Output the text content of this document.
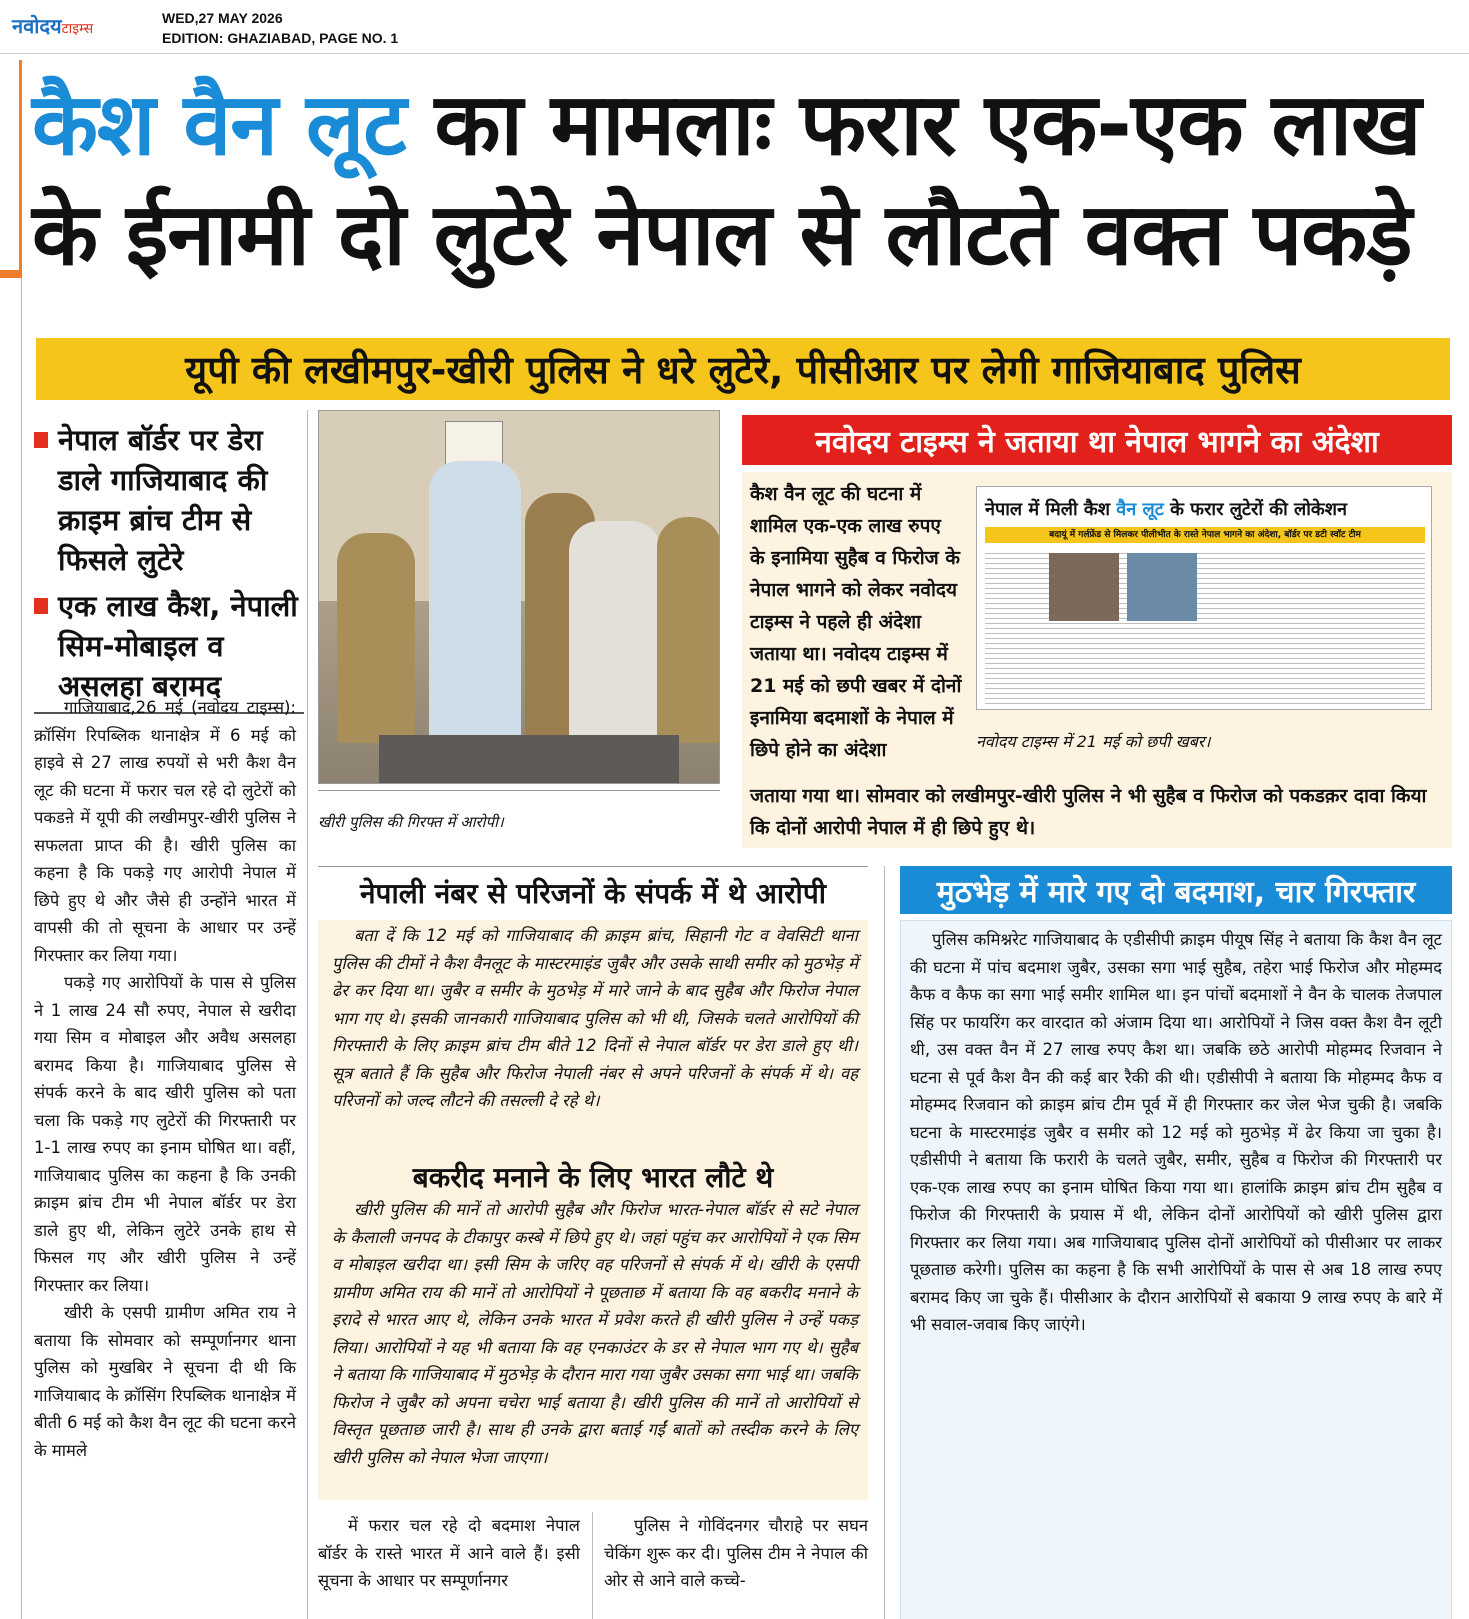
नवोदयटाइम्स
WED,27 MAY 2026
EDITION: GHAZIABAD, PAGE NO. 1
कैश वैन लूट का मामलाः फरार एक-एक लाख
के ईनामी दो लुटेरे नेपाल से लौटते वक्त पकड़े
यूपी की लखीमपुर-खीरी पुलिस ने धरे लुटेरे, पीसीआर पर लेगी गाजियाबाद पुलिस
नेपाल बॉर्डर पर डेरा डाले गाजियाबाद की क्राइम ब्रांच टीम से फिसले लुटेरे
एक लाख कैश, नेपाली सिम-मोबाइल व असलहा बरामद

गाजियाबाद,26 मई (नवोदय टाइम्स): क्रॉसिंग रिपब्लिक थानाक्षेत्र में 6 मई को हाइवे से 27 लाख रुपयों से भरी कैश वैन लूट की घटना में फरार चल रहे दो लुटेरों को पकडऩे में यूपी की लखीमपुर-खीरी पुलिस ने सफलता प्राप्त की है। खीरी पुलिस का कहना है कि पकड़े गए आरोपी नेपाल में छिपे हुए थे और जैसे ही उन्होंने भारत में वापसी की तो सूचना के आधार पर उन्हें गिरफ्तार कर लिया गया।

पकड़े गए आरोपियों के पास से पुलिस ने 1 लाख 24 सौ रुपए, नेपाल से खरीदा गया सिम व मोबाइल और अवैध असलहा बरामद किया है। गाजियाबाद पुलिस से संपर्क करने के बाद खीरी पुलिस को पता चला कि पकड़े गए लुटेरों की गिरफ्तारी पर 1-1 लाख रुपए का इनाम घोषित था। वहीं, गाजियाबाद पुलिस का कहना है कि उनकी क्राइम ब्रांच टीम भी नेपाल बॉर्डर पर डेरा डाले हुए थी, लेकिन लुटेरे उनके हाथ से फिसल गए और खीरी पुलिस ने उन्हें गिरफ्तार कर लिया।

खीरी के एसपी ग्रामीण अमित राय ने बताया कि सोमवार को सम्पूर्णानगर थाना पुलिस को मुखबिर ने सूचना दी थी कि गाजियाबाद के क्रॉसिंग रिपब्लिक थानाक्षेत्र में बीती 6 मई को कैश वैन लूट की घटना करने के मामले

खीरी पुलिस की गिरफ्त में आरोपी।
नवोदय टाइम्स ने जताया था नेपाल भागने का अंदेशा
कैश वैन लूट की घटना में शामिल एक-एक लाख रुपए के इनामिया सुहैब व फिरोज के नेपाल भागने को लेकर नवोदय टाइम्स ने पहले ही अंदेशा जताया था। नवोदय टाइम्स में 21 मई को छपी खबर में दोनों इनामिया बदमाशों के नेपाल में छिपे होने का अंदेशा
नेपाल में मिली कैश वैन लूट के फरार लुटेरों की लोकेशन
बदायूं में गर्लफ्रेंड से मिलकर पीलीभीत के रास्ते नेपाल भागने का अंदेशा, बॉर्डर पर डटी स्वॉट टीम
नवोदय टाइम्स में 21 मई को छपी खबर।
जताया गया था। सोमवार को लखीमपुर-खीरी पुलिस ने भी सुहैब व फिरोज को पकडक़र दावा किया कि दोनों आरोपी नेपाल में ही छिपे हुए थे।
नेपाली नंबर से परिजनों के संपर्क में थे आरोपी

बता दें कि 12 मई को गाजियाबाद की क्राइम ब्रांच, सिहानी गेट व वेवसिटी थाना पुलिस की टीमों ने कैश वैनलूट के मास्टरमाइंड जुबैर और उसके साथी समीर को मुठभेड़ में ढेर कर दिया था। जुबैर व समीर के मुठभेड़ में मारे जाने के बाद सुहैब और फिरोज नेपाल भाग गए थे। इसकी जानकारी गाजियाबाद पुलिस को भी थी, जिसके चलते आरोपियों की गिरफ्तारी के लिए क्राइम ब्रांच टीम बीते 12 दिनों से नेपाल बॉर्डर पर डेरा डाले हुए थी। सूत्र बताते हैं कि सुहैब और फिरोज नेपाली नंबर से अपने परिजनों के संपर्क में थे। वह परिजनों को जल्द लौटने की तसल्ली दे रहे थे।

बकरीद मनाने के लिए भारत लौटे थे

खीरी पुलिस की मानें तो आरोपी सुहैब और फिरोज भारत-नेपाल बॉर्डर से सटे नेपाल के कैलाली जनपद के टीकापुर कस्बे में छिपे हुए थे। जहां पहुंच कर आरोपियों ने एक सिम व मोबाइल खरीदा था। इसी सिम के जरिए वह परिजनों से संपर्क में थे। खीरी के एसपी ग्रामीण अमित राय की मानें तो आरोपियों ने पूछताछ में बताया कि वह बकरीद मनाने के इरादे से भारत आए थे, लेकिन उनके भारत में प्रवेश करते ही खीरी पुलिस ने उन्हें पकड़ लिया। आरोपियों ने यह भी बताया कि वह एनकाउंटर के डर से नेपाल भाग गए थे। सुहैब ने बताया कि गाजियाबाद में मुठभेड़ के दौरान मारा गया जुबैर उसका सगा भाई था। जबकि फिरोज ने जुबैर को अपना चचेरा भाई बताया है। खीरी पुलिस की मानें तो आरोपियों से विस्तृत पूछताछ जारी है। साथ ही उनके द्वारा बताई गईं बातों को तस्दीक करने के लिए खीरी पुलिस को नेपाल भेजा जाएगा।

मुठभेड़ में मारे गए दो बदमाश, चार गिरफ्तार

पुलिस कमिश्नरेट गाजियाबाद के एडीसीपी क्राइम पीयूष सिंह ने बताया कि कैश वैन लूट की घटना में पांच बदमाश जुबैर, उसका सगा भाई सुहैब, तहेरा भाई फिरोज और मोहम्मद कैफ व कैफ का सगा भाई समीर शामिल था। इन पांचों बदमाशों ने वैन के चालक तेजपाल सिंह पर फायरिंग कर वारदात को अंजाम दिया था। आरोपियों ने जिस वक्त कैश वैन लूटी थी, उस वक्त वैन में 27 लाख रुपए कैश था। जबकि छठे आरोपी मोहम्मद रिजवान ने घटना से पूर्व कैश वैन की कई बार रैकी की थी। एडीसीपी ने बताया कि मोहम्मद कैफ व मोहम्मद रिजवान को क्राइम ब्रांच टीम पूर्व में ही गिरफ्तार कर जेल भेज चुकी है। जबकि घटना के मास्टरमाइंड जुबैर व समीर को 12 मई को मुठभेड़ में ढेर किया जा चुका है। एडीसीपी ने बताया कि फरारी के चलते जुबैर, समीर, सुहैब व फिरोज की गिरफ्तारी पर एक-एक लाख रुपए का इनाम घोषित किया गया था। हालांकि क्राइम ब्रांच टीम सुहैब व फिरोज की गिरफ्तारी के प्रयास में थी, लेकिन दोनों आरोपियों को खीरी पुलिस द्वारा गिरफ्तार कर लिया गया। अब गाजियाबाद पुलिस दोनों आरोपियों को पीसीआर पर लाकर पूछताछ करेगी। पुलिस का कहना है कि सभी आरोपियों के पास से अब 18 लाख रुपए बरामद किए जा चुके हैं। पीसीआर के दौरान आरोपियों से बकाया 9 लाख रुपए के बारे में भी सवाल-जवाब किए जाएंगे।

में फरार चल रहे दो बदमाश नेपाल बॉर्डर के रास्ते भारत में आने वाले हैं। इसी सूचना के आधार पर सम्पूर्णानगर

पुलिस ने गोविंदनगर चौराहे पर सघन चेकिंग शुरू कर दी। पुलिस टीम ने नेपाल की ओर से आने वाले कच्चे-
